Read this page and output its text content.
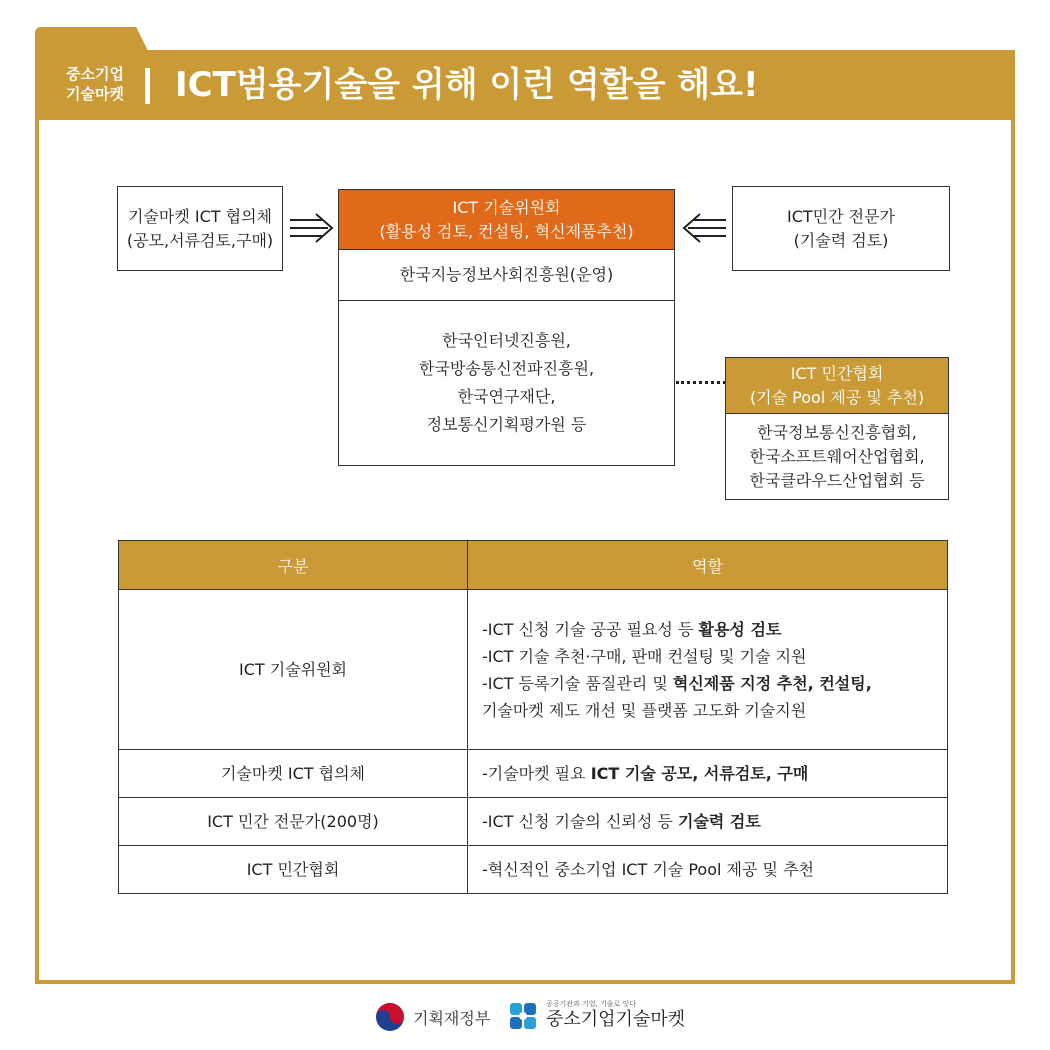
중소기업
기술마켓	ICT범용기술을 위해 이런 역할을 해요!
기술마켓 ICT 협의체
(공모,서류검토,구매)
ICT 기술위원회
(활용성 검토, 컨설팅, 혁신제품추천)
한국지능정보사회진흥원(운영)
한국인터넷진흥원,
한국방송통신전파진흥원,
한국연구재단,
정보통신기획평가원 등
ICT민간 전문가
(기술력 검토)
ICT 민간협회
(기술 Pool 제공 및 추천)
한국정보통신진흥협회,
한국소프트웨어산업협회,
한국클라우드산업협회 등
구분	역할
ICT 기술위원회	-ICT 신청 기술 공공 필요성 등 활용성 검토
-ICT 기술 추천·구매, 판매 컨설팅 및 기술 지원
-ICT 등록기술 품질관리 및 혁신제품 지정 추천, 컨설팅,
기술마켓 제도 개선 및 플랫폼 고도화 기술지원

기술마켓 ICT 협의체	-기술마켓 필요 ICT 기술 공모, 서류검토, 구매

ICT 민간 전문가(200명)	-ICT 신청 기술의 신뢰성 등 기술력 검토

ICT 민간협회	-혁신적인 중소기업 ICT 기술 Pool 제공 및 추천
기획재정부
공공기관과 기업, 기술로 잇다
중소기업기술마켓
